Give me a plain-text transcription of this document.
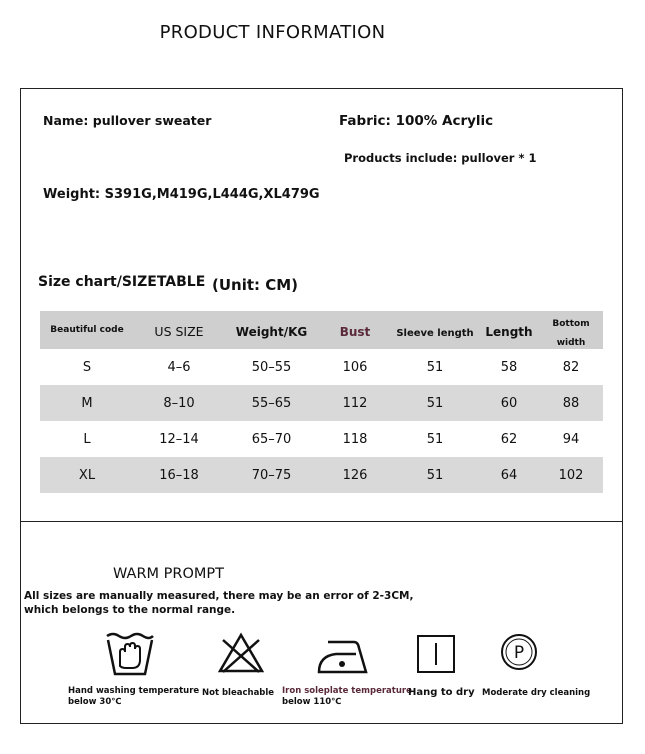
PRODUCT INFORMATION
Name: pullover sweater	Fabric: 100% Acrylic
Products include: pullover * 1
Weight: S391G,M419G,L444G,XL479G
Size chart/SIZETABLE (Unit: CM)
Beautiful code	US SIZE	Weight/KG	Bust	Sleeve length	Length	Bottom width
S	4–6	50–55	106	51	58	82
M	8–10	55–65	112	51	60	88
L	12–14	65–70	118	51	62	94
XL	16–18	70–75	126	51	64	102
WARM PROMPT
All sizes are manually measured, there may be an error of 2-3CM,
which belongs to the normal range.
Hand washing temperature
below 30℃
Not bleachable Iron soleplate temperature
below 110℃
Hang to dry
P
Moderate dry cleaning
